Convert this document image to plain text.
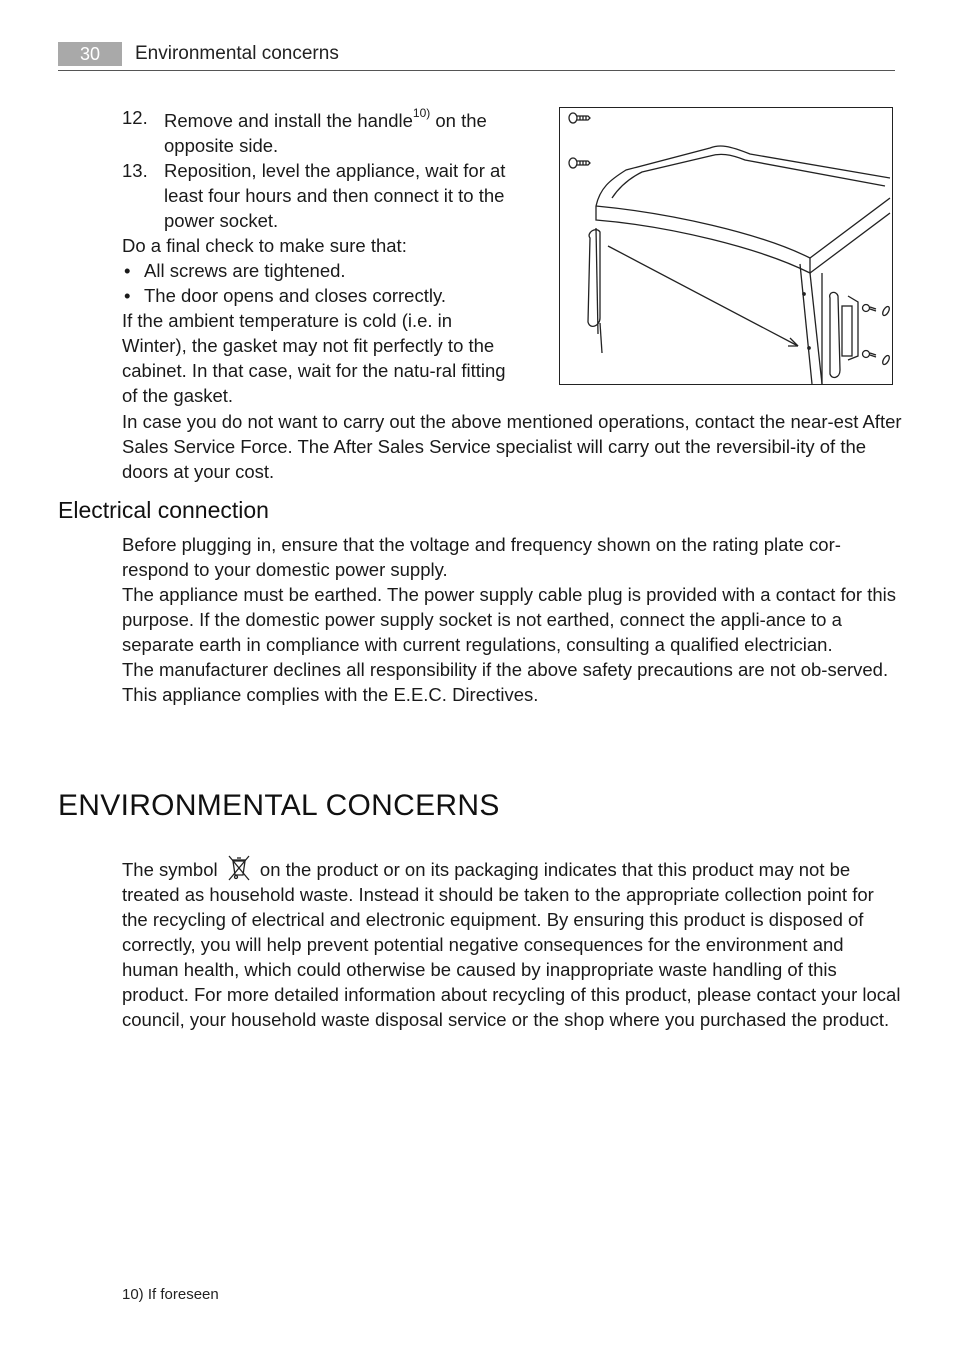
30	Environmental concerns
12. Remove and install the handle$^{10)}$ on the opposite side.
13. Reposition, level the appliance, wait for at least four hours and then connect it to the power socket.
Do a final check to make sure that:
• All screws are tightened.
• The door opens and closes correctly.
If the ambient temperature is cold (i.e. in Winter), the gasket may not fit perfectly to the cabinet. In that case, wait for the natu-ral fitting of the gasket.
In case you do not want to carry out the above mentioned operations, contact the near-est After Sales Service Force. The After Sales Service specialist will carry out the reversibil-ity of the doors at your cost.
Electrical connection
Before plugging in, ensure that the voltage and frequency shown on the rating plate cor-respond to your domestic power supply.
The appliance must be earthed. The power supply cable plug is provided with a contact for this purpose. If the domestic power supply socket is not earthed, connect the appli-ance to a separate earth in compliance with current regulations, consulting a qualified electrician.
The manufacturer declines all responsibility if the above safety precautions are not ob-served.
This appliance complies with the E.E.C. Directives.
ENVIRONMENTAL CONCERNS
The symbol on the product or on its packaging indicates that this product may not be treated as household waste. Instead it should be taken to the appropriate collection point for the recycling of electrical and electronic equipment. By ensuring this product is disposed of correctly, you will help prevent potential negative consequences for the environment and human health, which could otherwise be caused by inappropriate waste handling of this product. For more detailed information about recycling of this product, please contact your local council, your household waste disposal service or the shop where you purchased the product.
10) If foreseen
